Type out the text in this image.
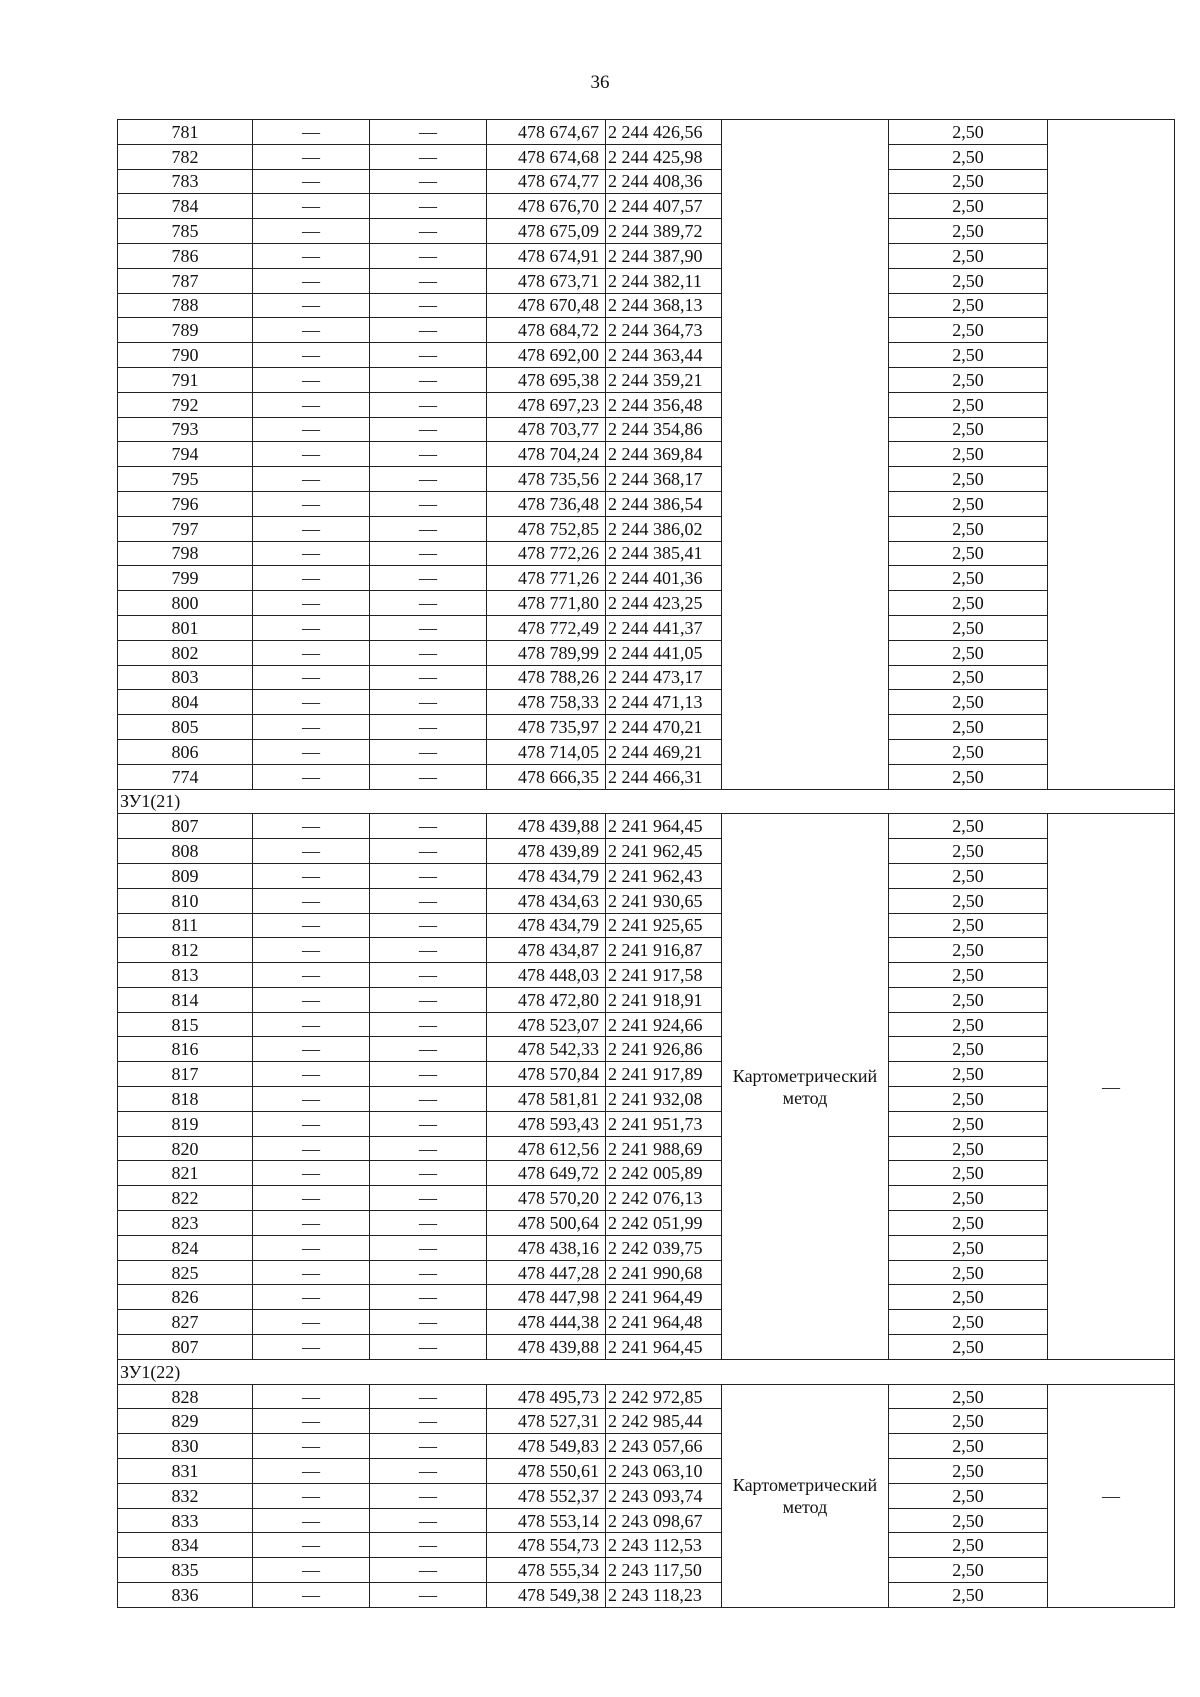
36
781	—	—	478 674,67	2 244 426,56		2,50	
782	—	—	478 674,68	2 244 425,98		2,50	
783	—	—	478 674,77	2 244 408,36		2,50	
784	—	—	478 676,70	2 244 407,57		2,50	
785	—	—	478 675,09	2 244 389,72		2,50	
786	—	—	478 674,91	2 244 387,90		2,50	
787	—	—	478 673,71	2 244 382,11		2,50	
788	—	—	478 670,48	2 244 368,13		2,50	
789	—	—	478 684,72	2 244 364,73		2,50	
790	—	—	478 692,00	2 244 363,44		2,50	
791	—	—	478 695,38	2 244 359,21		2,50	
792	—	—	478 697,23	2 244 356,48		2,50	
793	—	—	478 703,77	2 244 354,86		2,50	
794	—	—	478 704,24	2 244 369,84		2,50	
795	—	—	478 735,56	2 244 368,17		2,50	
796	—	—	478 736,48	2 244 386,54		2,50	
797	—	—	478 752,85	2 244 386,02		2,50	
798	—	—	478 772,26	2 244 385,41		2,50	
799	—	—	478 771,26	2 244 401,36		2,50	
800	—	—	478 771,80	2 244 423,25		2,50	
801	—	—	478 772,49	2 244 441,37		2,50	
802	—	—	478 789,99	2 244 441,05		2,50	
803	—	—	478 788,26	2 244 473,17		2,50	
804	—	—	478 758,33	2 244 471,13		2,50	
805	—	—	478 735,97	2 244 470,21		2,50	
806	—	—	478 714,05	2 244 469,21		2,50	
774	—	—	478 666,35	2 244 466,31		2,50	
ЗУ1(21)							
807	—	—	478 439,88	2 241 964,45	Картометрический метод	2,50	—
808	—	—	478 439,89	2 241 962,45		2,50	
809	—	—	478 434,79	2 241 962,43		2,50	
810	—	—	478 434,63	2 241 930,65		2,50	
811	—	—	478 434,79	2 241 925,65		2,50	
812	—	—	478 434,87	2 241 916,87		2,50	
813	—	—	478 448,03	2 241 917,58		2,50	
814	—	—	478 472,80	2 241 918,91		2,50	
815	—	—	478 523,07	2 241 924,66		2,50	
816	—	—	478 542,33	2 241 926,86		2,50	
817	—	—	478 570,84	2 241 917,89		2,50	
818	—	—	478 581,81	2 241 932,08		2,50	
819	—	—	478 593,43	2 241 951,73		2,50	
820	—	—	478 612,56	2 241 988,69		2,50	
821	—	—	478 649,72	2 242 005,89		2,50	
822	—	—	478 570,20	2 242 076,13		2,50	
823	—	—	478 500,64	2 242 051,99		2,50	
824	—	—	478 438,16	2 242 039,75		2,50	
825	—	—	478 447,28	2 241 990,68		2,50	
826	—	—	478 447,98	2 241 964,49		2,50	
827	—	—	478 444,38	2 241 964,48		2,50	
807	—	—	478 439,88	2 241 964,45		2,50	
ЗУ1(22)							
828	—	—	478 495,73	2 242 972,85	Картометрический метод	2,50	—
829	—	—	478 527,31	2 242 985,44		2,50	
830	—	—	478 549,83	2 243 057,66		2,50	
831	—	—	478 550,61	2 243 063,10		2,50	
832	—	—	478 552,37	2 243 093,74		2,50	
833	—	—	478 553,14	2 243 098,67		2,50	
834	—	—	478 554,73	2 243 112,53		2,50	
835	—	—	478 555,34	2 243 117,50		2,50	
836	—	—	478 549,38	2 243 118,23		2,50	
